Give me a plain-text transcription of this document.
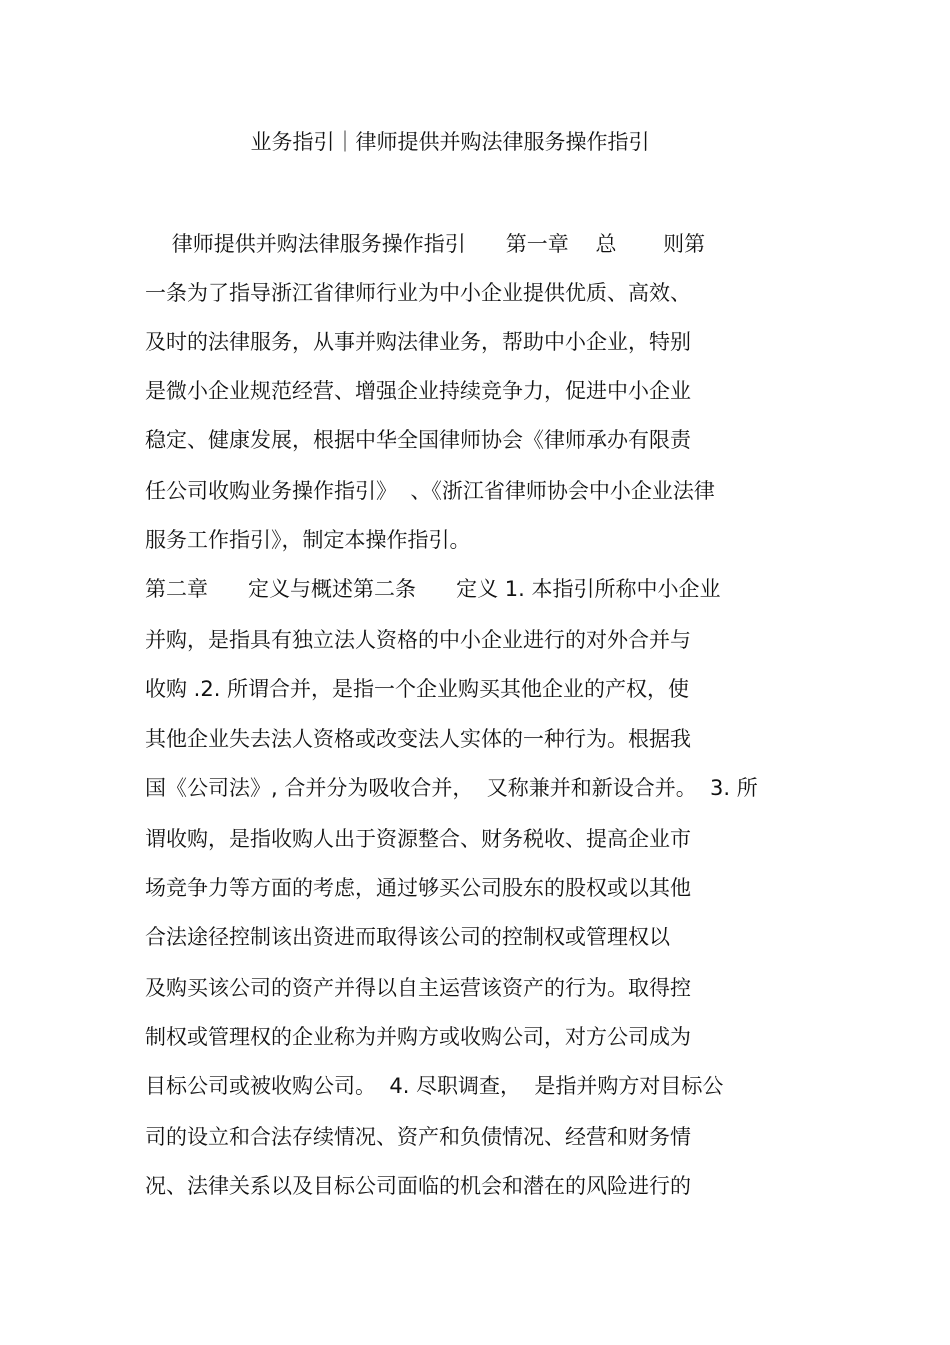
业务指引｜律师提供并购法律服务操作指引
律师提供并购法律服务操作指引      第一章    总       则第
一条为了指导浙江省律师行业为中小企业提供优质、高效、
及时的法律服务，从事并购法律业务，帮助中小企业，特别
是微小企业规范经营、增强企业持续竞争力，促进中小企业
稳定、健康发展，根据中华全国律师协会《律师承办有限责
任公司收购业务操作指引》  、《浙江省律师协会中小企业法律
服务工作指引》，制定本操作指引。
第二章      定义与概述第二条      定义 1. 本指引所称中小企业
并购，是指具有独立法人资格的中小企业进行的对外合并与
收购 .2. 所谓合并，是指一个企业购买其他企业的产权，使
其他企业失去法人资格或改变法人实体的一种行为。根据我
国《公司法》, 合并分为吸收合并，  又称兼并和新设合并。  3. 所
谓收购，是指收购人出于资源整合、财务税收、提高企业市
场竞争力等方面的考虑，通过够买公司股东的股权或以其他
合法途径控制该出资进而取得该公司的控制权或管理权以
及购买该公司的资产并得以自主运营该资产的行为。取得控
制权或管理权的企业称为并购方或收购公司，对方公司成为
目标公司或被收购公司。  4. 尽职调查，  是指并购方对目标公
司的设立和合法存续情况、资产和负债情况、经营和财务情
况、法律关系以及目标公司面临的机会和潜在的风险进行的
